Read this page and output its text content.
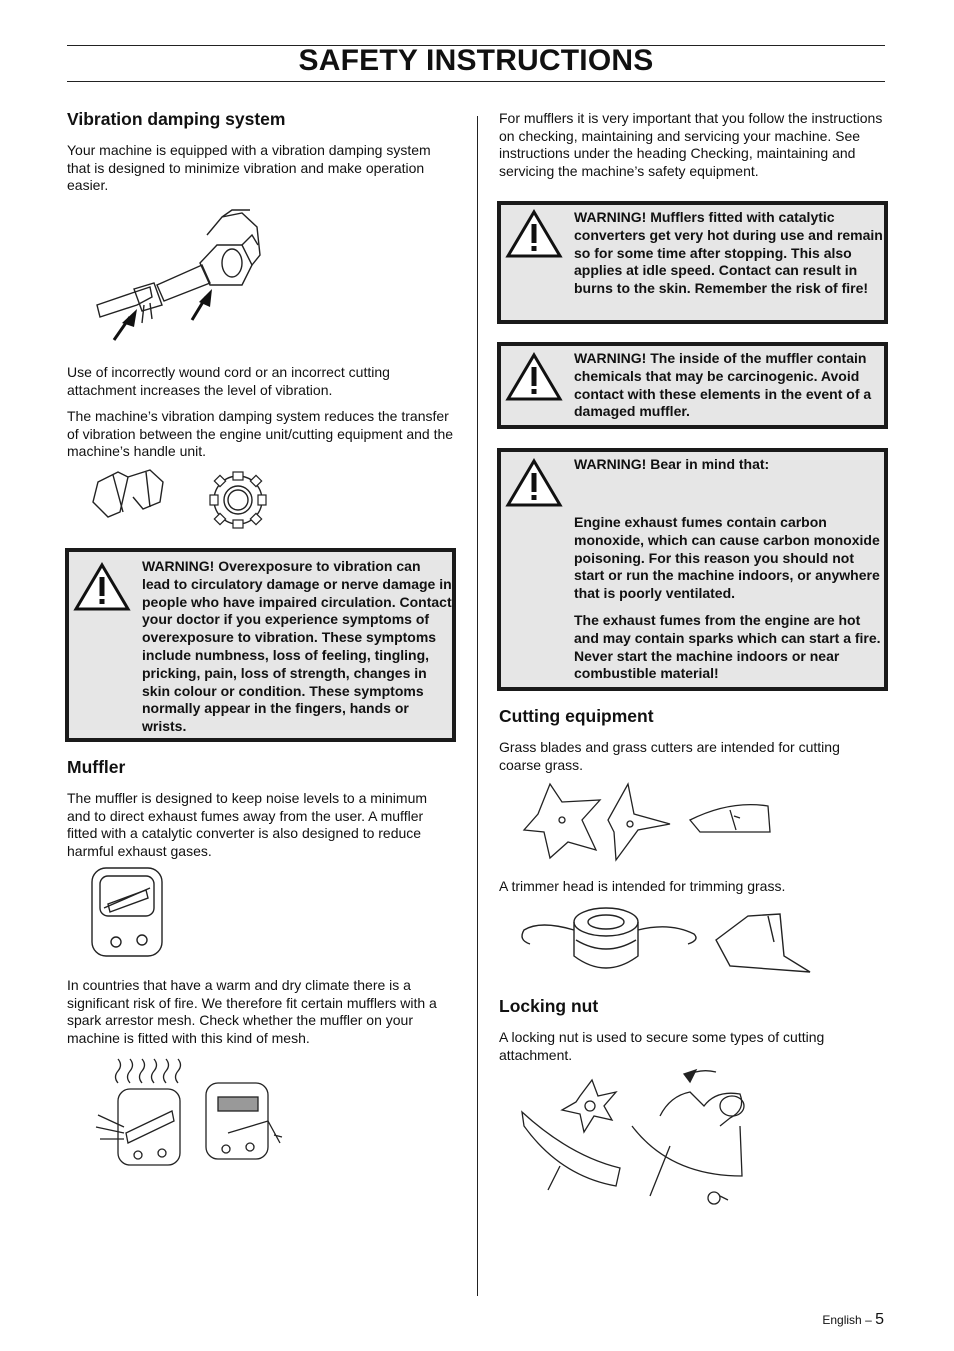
SAFETY INSTRUCTIONS
Vibration damping system
Your machine is equipped with a vibration damping system that is designed to minimize vibration and make operation easier.
Use of incorrectly wound cord or an incorrect cutting attachment increases the level of vibration.
The machine’s vibration damping system reduces the transfer of vibration between the engine unit/cutting equipment and the machine’s handle unit.
WARNING! Overexposure to vibration can lead to circulatory damage or nerve damage in people who have impaired circulation. Contact your doctor if you experience symptoms of overexposure to vibration. These symptoms include numbness, loss of feeling, tingling, pricking, pain, loss of strength, changes in skin colour or condition. These symptoms normally appear in the fingers, hands or wrists.
Muffler
The muffler is designed to keep noise levels to a minimum and to direct exhaust fumes away from the user. A muffler fitted with a catalytic converter is also designed to reduce harmful exhaust gases.
In countries that have a warm and dry climate there is a significant risk of fire. We therefore fit certain mufflers with a spark arrestor mesh. Check whether the muffler on your machine is fitted with this kind of mesh.
For mufflers it is very important that you follow the instructions on checking, maintaining and servicing your machine. See instructions under the heading Checking, maintaining and servicing the machine’s safety equipment.
WARNING! Mufflers fitted with catalytic converters get very hot during use and remain so for some time after stopping. This also applies at idle speed. Contact can result in burns to the skin. Remember the risk of fire!
WARNING! The inside of the muffler contain chemicals that may be carcinogenic. Avoid contact with these elements in the event of a damaged muffler.
WARNING! Bear in mind that:
Engine exhaust fumes contain carbon monoxide, which can cause carbon monoxide poisoning. For this reason you should not start or run the machine indoors, or anywhere that is poorly ventilated.
The exhaust fumes from the engine are hot and may contain sparks which can start a fire. Never start the machine indoors or near combustible material!
Cutting equipment
Grass blades and grass cutters are intended for cutting coarse grass.
A trimmer head is intended for trimming grass.
Locking nut
A locking nut is used to secure some types of cutting attachment.
English – 5
